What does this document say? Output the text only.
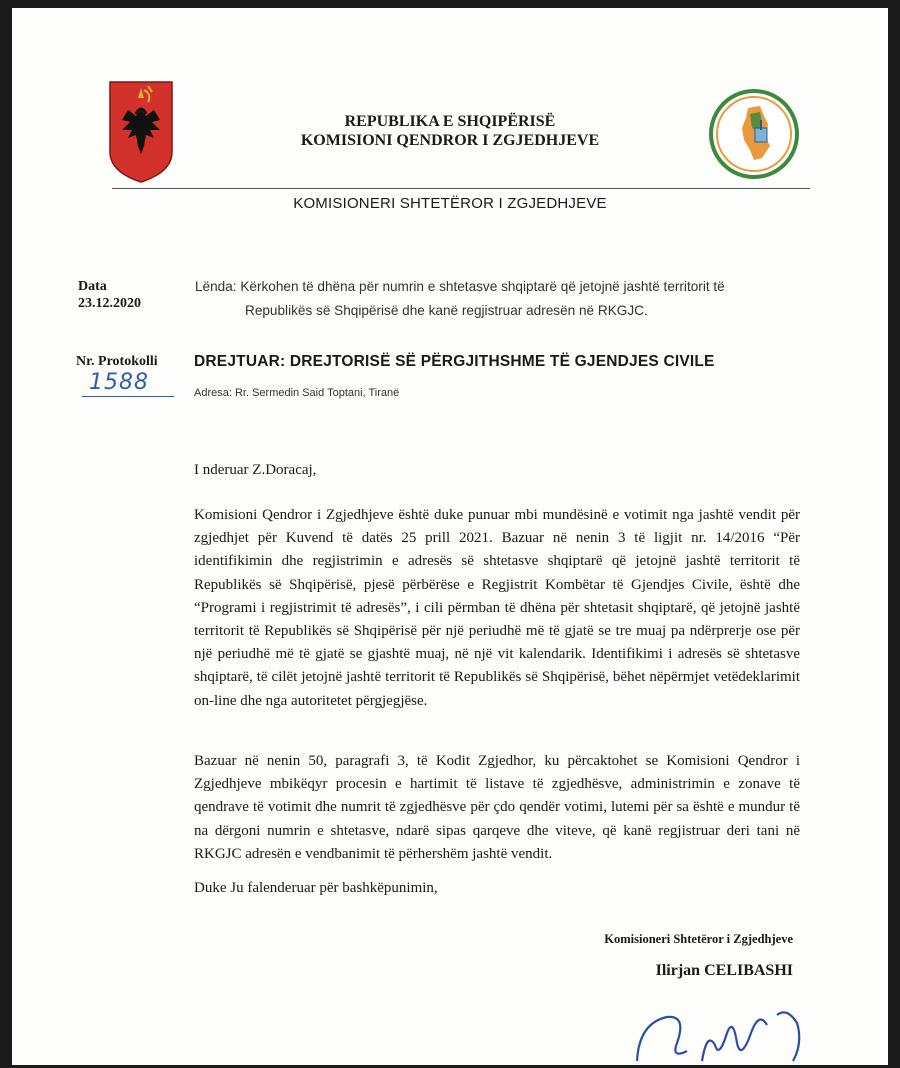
REPUBLIKA E SHQIPËRISË
KOMISIONI QENDROR I ZGJEDHJEVE
KOMISIONERI SHTETËROR I ZGJEDHJEVE
Data
23.12.2020
Lënda: Kërkohen të dhëna për numrin e shtetasve shqiptarë që jetojnë jashtë territorit të
Republikës së Shqipërisë dhe kanë regjistruar adresën në RKGJC.
Nr. Protokolli
1588
DREJTUAR: DREJTORISË SË PËRGJITHSHME TË GJENDJES CIVILE
Adresa: Rr. Sermedin Said Toptani, Tiranë
I nderuar Z.Doracaj,
Komisioni Qendror i Zgjedhjeve është duke punuar mbi mundësinë e votimit nga jashtë vendit për zgjedhjet për Kuvend të datës 25 prill 2021. Bazuar në nenin 3 të ligjit nr. 14/2016 “Për identifikimin dhe regjistrimin e adresës së shtetasve shqiptarë që jetojnë jashtë territorit të Republikës së Shqipërisë, pjesë përbërëse e Regjistrit Kombëtar të Gjendjes Civile, është dhe “Programi i regjistrimit të adresës”, i cili përmban të dhëna për shtetasit shqiptarë, që jetojnë jashtë territorit të Republikës së Shqipërisë për një periudhë më të gjatë se tre muaj pa ndërprerje ose për një periudhë më të gjatë se gjashtë muaj, në një vit kalendarik. Identifikimi i adresës së shtetasve shqiptarë, të cilët jetojnë jashtë territorit të Republikës së Shqipërisë, bëhet nëpërmjet vetëdeklarimit on-line dhe nga autoritetet përgjegjëse.
Bazuar në nenin 50, paragrafi 3, të Kodit Zgjedhor, ku përcaktohet se Komisioni Qendror i Zgjedhjeve mbikëqyr procesin e hartimit të listave të zgjedhësve, administrimin e zonave të qendrave të votimit dhe numrit të zgjedhësve për çdo qendër votimi, lutemi për sa është e mundur të na dërgoni numrin e shtetasve, ndarë sipas qarqeve dhe viteve, që kanë regjistruar deri tani në RKGJC adresën e vendbanimit të përhershëm jashtë vendit.
Duke Ju falenderuar për bashkëpunimin,
Komisioneri Shtetëror i Zgjedhjeve
Ilirjan CELIBASHI
